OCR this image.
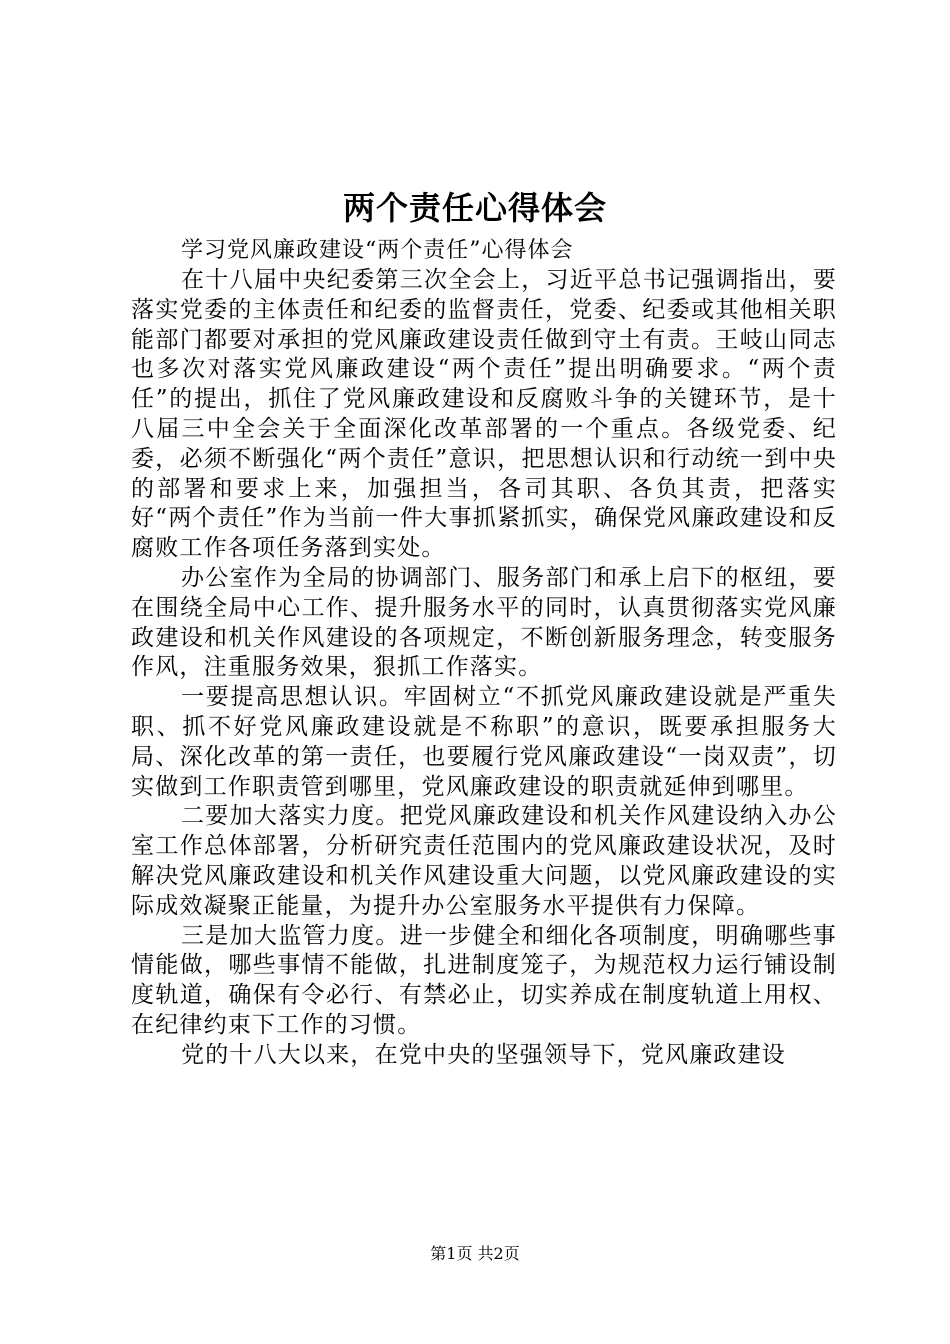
两个责任心得体会
学习党风廉政建设“两个责任”心得体会

在十八届中央纪委第三次全会上，习近平总书记强调指出，要落实党委的主体责任和纪委的监督责任，党委、纪委或其他相关职能部门都要对承担的党风廉政建设责任做到守土有责。王岐山同志也多次对落实党风廉政建设“两个责任”提出明确要求。“两个责任”的提出，抓住了党风廉政建设和反腐败斗争的关键环节，是十八届三中全会关于全面深化改革部署的一个重点。各级党委、纪委，必须不断强化“两个责任”意识，把思想认识和行动统一到中央的部署和要求上来，加强担当，各司其职、各负其责，把落实好“两个责任”作为当前一件大事抓紧抓实，确保党风廉政建设和反腐败工作各项任务落到实处。

办公室作为全局的协调部门、服务部门和承上启下的枢纽，要在围绕全局中心工作、提升服务水平的同时，认真贯彻落实党风廉政建设和机关作风建设的各项规定，不断创新服务理念，转变服务作风，注重服务效果，狠抓工作落实。

一要提高思想认识。牢固树立“不抓党风廉政建设就是严重失职、抓不好党风廉政建设就是不称职”的意识，既要承担服务大局、深化改革的第一责任，也要履行党风廉政建设“一岗双责”，切实做到工作职责管到哪里，党风廉政建设的职责就延伸到哪里。

二要加大落实力度。把党风廉政建设和机关作风建设纳入办公室工作总体部署，分析研究责任范围内的党风廉政建设状况，及时解决党风廉政建设和机关作风建设重大问题，以党风廉政建设的实际成效凝聚正能量，为提升办公室服务水平提供有力保障。

三是加大监管力度。进一步健全和细化各项制度，明确哪些事情能做，哪些事情不能做，扎进制度笼子，为规范权力运行铺设制度轨道，确保有令必行、有禁必止，切实养成在制度轨道上用权、在纪律约束下工作的习惯。

党的十八大以来，在党中央的坚强领导下，党风廉政建设

第1页 共2页
